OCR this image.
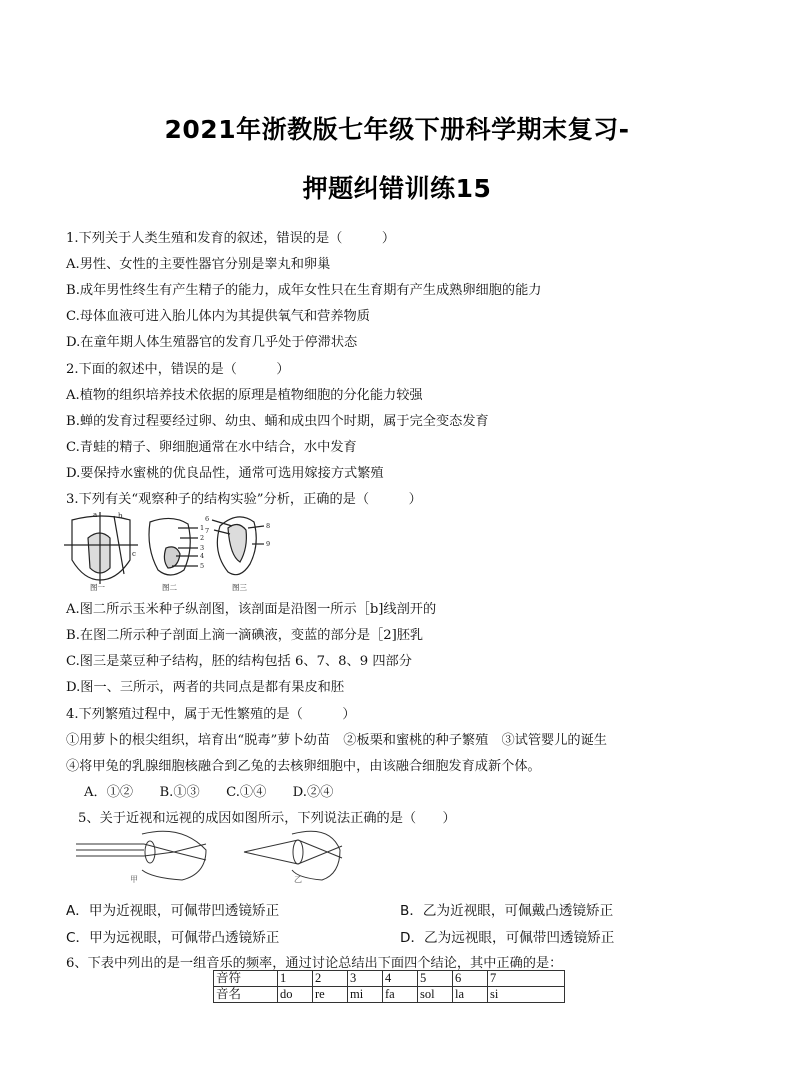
2021年浙教版七年级下册科学期末复习-
押题纠错训练15
1.下列关于人类生殖和发育的叙述，错误的是（　　　）
A.男性、女性的主要性器官分别是睾丸和卵巢
B.成年男性终生有产生精子的能力，成年女性只在生育期有产生成熟卵细胞的能力
C.母体血液可进入胎儿体内为其提供氧气和营养物质
D.在童年期人体生殖器官的发育几乎处于停滞状态
2.下面的叙述中，错误的是（　　　）
A.植物的组织培养技术依据的原理是植物细胞的分化能力较强
B.蝉的发育过程要经过卵、幼虫、蛹和成虫四个时期，属于完全变态发育
C.青蛙的精子、卵细胞通常在水中结合，水中发育
D.要保持水蜜桃的优良品性，通常可选用嫁接方式繁殖
3.下列有关“观察种子的结构实验”分析，正确的是（　　　）
a	b
c
图一
1
2
3
4
5
图二
6
7
8
9
图三
A.图二所示玉米种子纵剖图，该剖面是沿图一所示［b]线剖开的
B.在图二所示种子剖面上滴一滴碘液，变蓝的部分是［2]胚乳
C.图三是菜豆种子结构，胚的结构包括 6、7、8、9 四部分
D.图一、三所示，两者的共同点是都有果皮和胚
4.下列繁殖过程中，属于无性繁殖的是（　　　）
①用萝卜的根尖组织，培育出“脱毒”萝卜幼苗　②板栗和蜜桃的种子繁殖　③试管婴儿的诞生
④将甲兔的乳腺细胞核融合到乙兔的去核卵细胞中，由该融合细胞发育成新个体。
A．①②　　B.①③　　C.①④　　D.②④
5、关于近视和远视的成因如图所示，下列说法正确的是（　　）
甲	乙
A．甲为近视眼，可佩带凹透镜矫正	B．乙为近视眼，可佩戴凸透镜矫正
C．甲为远视眼，可佩带凸透镜矫正	D．乙为远视眼，可佩带凹透镜矫正
6、下表中列出的是一组音乐的频率，通过讨论总结出下面四个结论，其中正确的是：
音符	1	2	3	4	5	6	7
音名	do	re	mi	fa	sol	la	si
